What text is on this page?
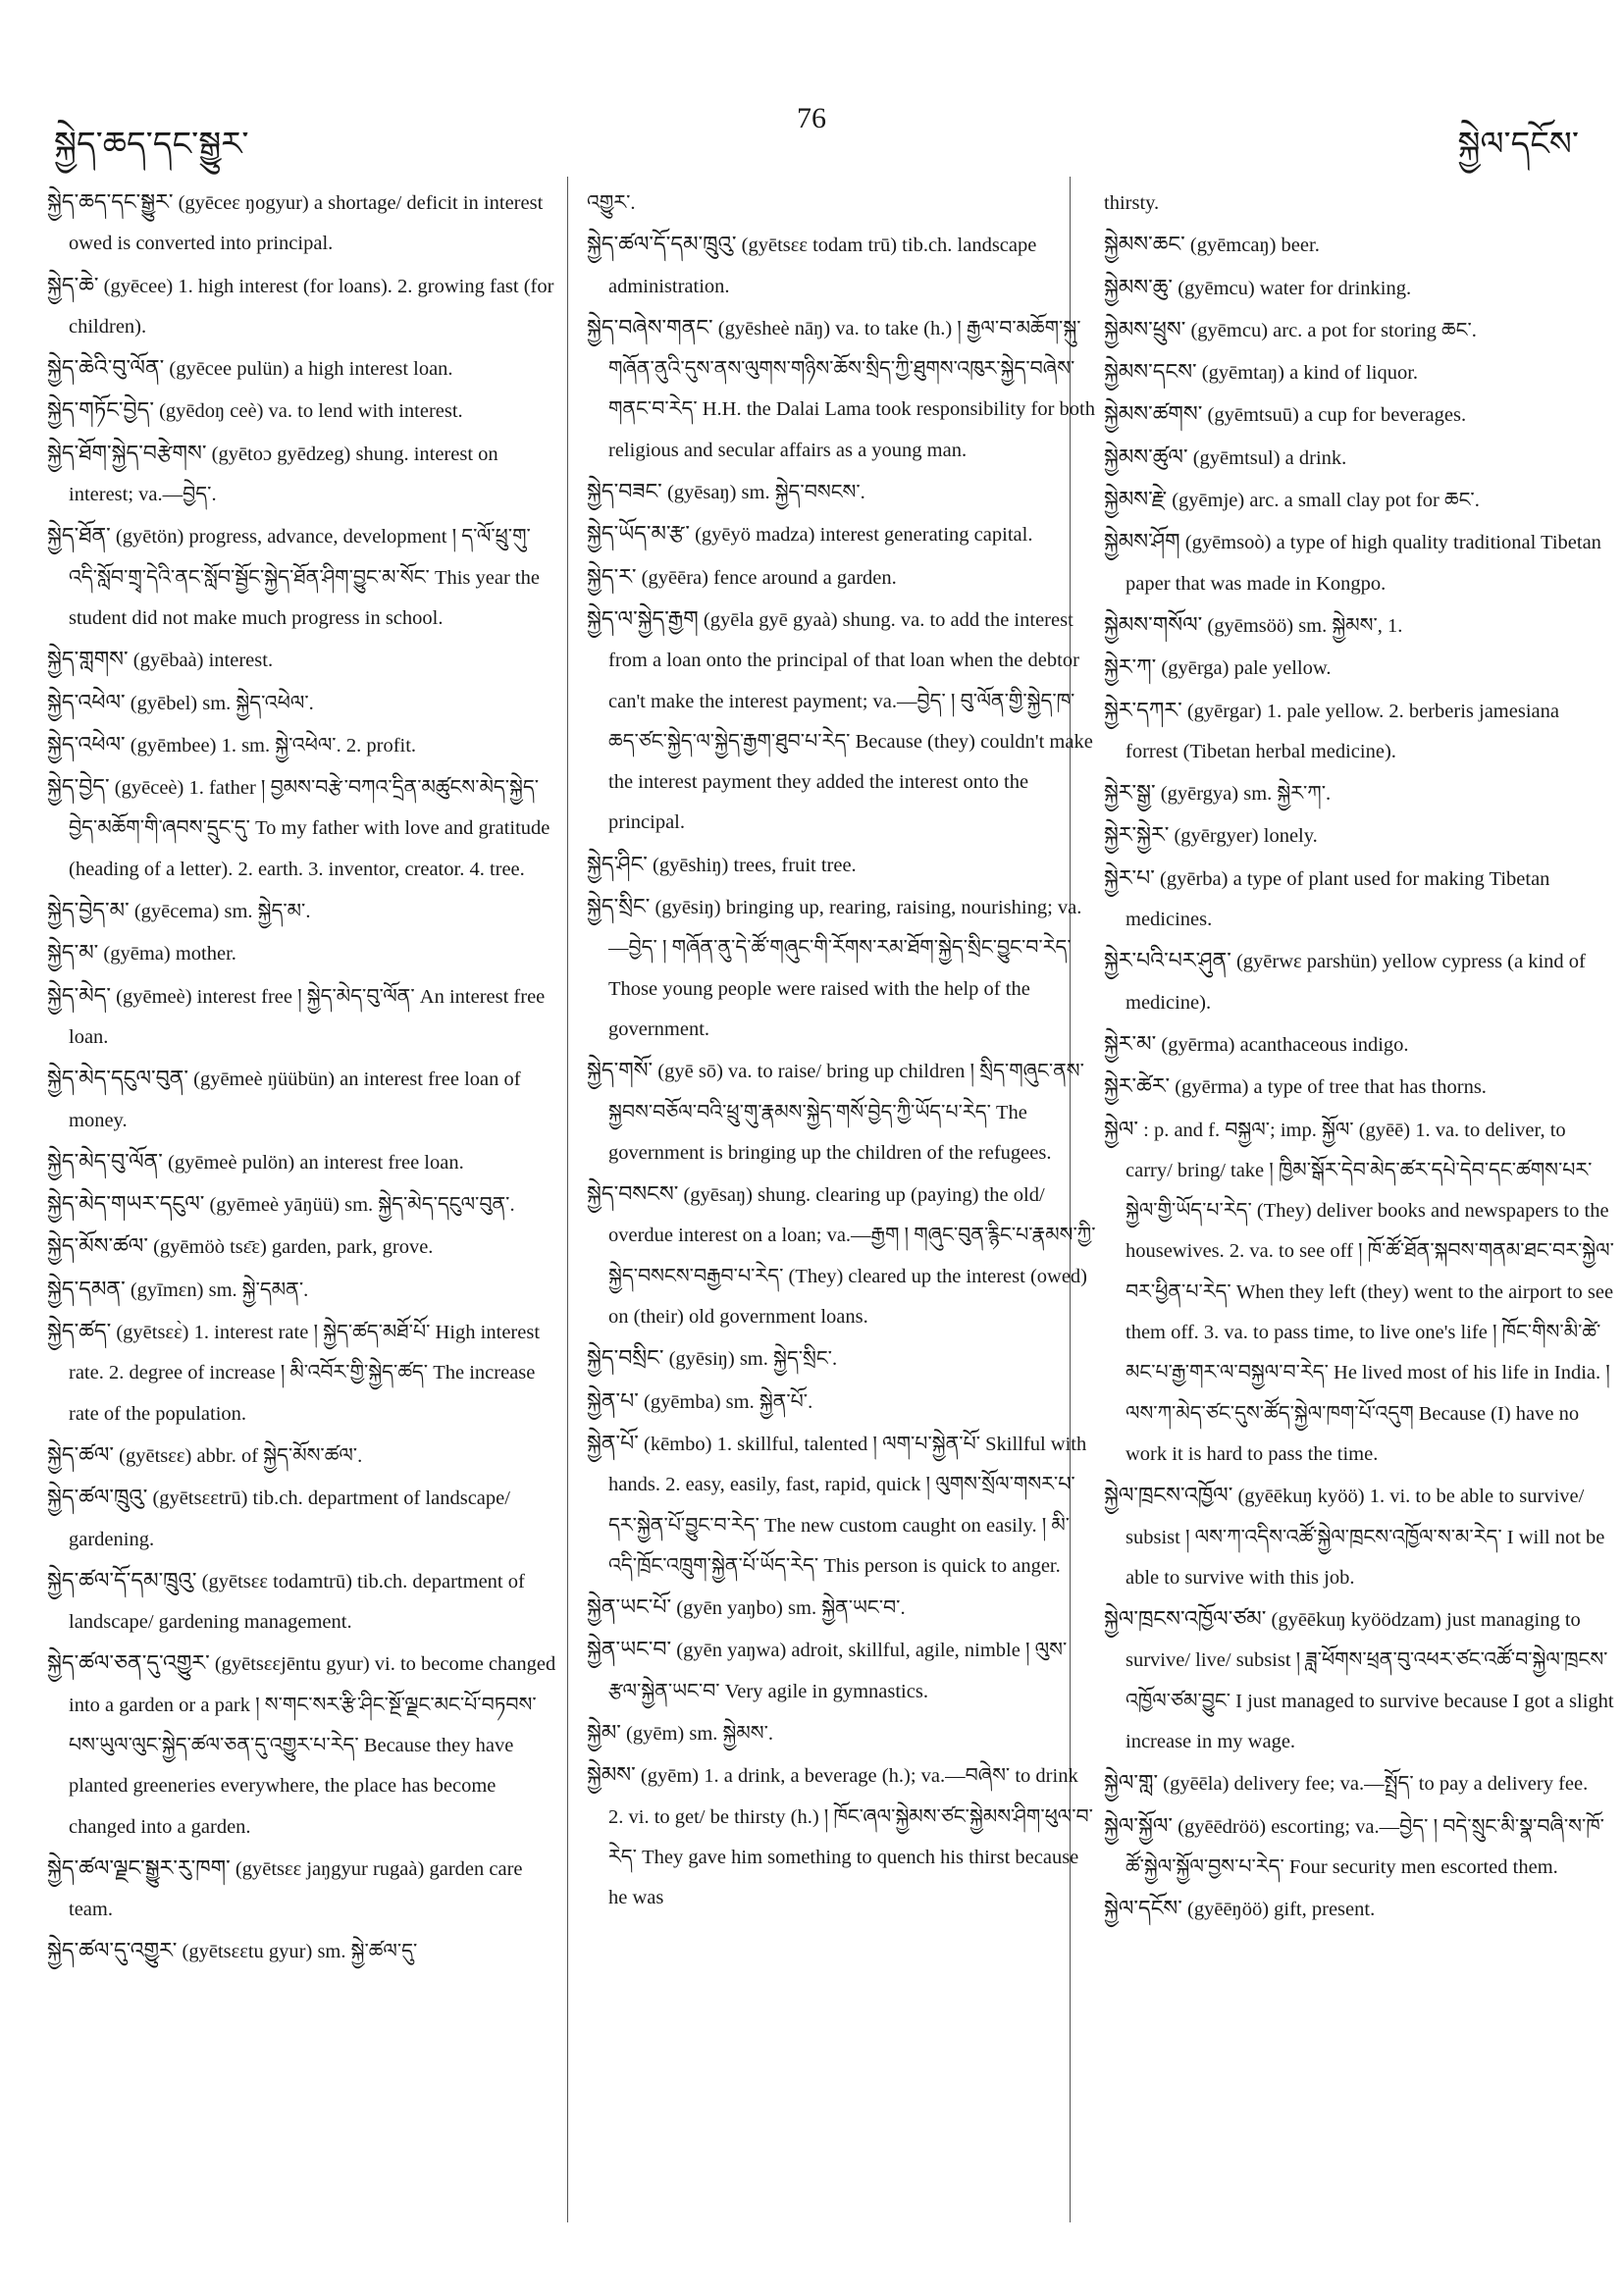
སྐྱེད་ཆད་དང་སྒྱུར་
76
སྐྱེལ་དངོས་

སྐྱེད་ཆད་དང་སྒྱུར་ (gyēceɛ ŋogyur) a shortage/ deficit in interest owed is converted into principal.

སྐྱེད་ཆེ་ (gyēcee) 1. high interest (for loans). 2. growing fast (for children).

སྐྱེད་ཆེའི་བུ་ལོན་ (gyēcee pulün) a high interest loan.

སྐྱེད་གཏོང་བྱེད་ (gyēdoŋ ceè) va. to lend with interest.

སྐྱེད་ཐོག་སྐྱེད་བརྩེགས་ (gyētoɔ gyēdzeg) shung. interest on interest; va.—བྱེད་.

སྐྱེད་ཐོན་ (gyētön) progress, advance, development ། ད་ལོ་ཕྲུ་གུ་འདི་སློབ་གྲྭ་དེའི་ནང་སློབ་སྦྱོང་སྐྱེད་ཐོན་ཤིག་བྱུང་མ་སོང་ This year the student did not make much progress in school.

སྐྱེད་གླགས་ (gyēbaà) interest.

སྐྱེད་འཕེལ་ (gyēbel) sm. སྐྱེད་འཕེལ་.

སྐྱེད་འཕེལ་ (gyēmbee) 1. sm. སྐྱེ་འཕེལ་. 2. profit.

སྐྱེད་བྱེད་ (gyēceè) 1. father ། བྱམས་བརྩེ་བཀའ་དྲིན་མཚུངས་མེད་སྐྱེད་བྱེད་མཆོག་གི་ཞབས་དྲུང་དུ་ To my father with love and gratitude (heading of a letter). 2. earth. 3. inventor, creator. 4. tree.

སྐྱེད་བྱེད་མ་ (gyēcema) sm. སྐྱེད་མ་.

སྐྱེད་མ་ (gyēma) mother.

སྐྱེད་མེད་ (gyēmeè) interest free ། སྐྱེད་མེད་བུ་ལོན་ An interest free loan.

སྐྱེད་མེད་དངུལ་བུན་ (gyēmeè ŋüübün) an interest free loan of money.

སྐྱེད་མེད་བུ་ལོན་ (gyēmeè pulön) an interest free loan.

སྐྱེད་མེད་གཡར་དངུལ་ (gyēmeè yāŋüü) sm. སྐྱེད་མེད་དངུལ་བུན་.

སྐྱེད་མོས་ཚལ་ (gyēmöò tsɛ̄ɛ) garden, park, grove.

སྐྱེད་དམན་ (gyīmɛn) sm. སྐྱེ་དམན་.

སྐྱེད་ཚད་ (gyētsɛɛ̀) 1. interest rate ། སྐྱེད་ཚད་མཐོ་པོ་ High interest rate. 2. degree of increase ། མི་འབོར་གྱི་སྐྱེད་ཚད་ The increase rate of the population.

སྐྱེད་ཚལ་ (gyētsɛɛ) abbr. of སྐྱེད་མོས་ཚལ་.

སྐྱེད་ཚལ་ཁྲུའུ་ (gyētsɛɛtrū) tib.ch. department of landscape/ gardening.

སྐྱེད་ཚལ་དོ་དམ་ཁྲུའུ་ (gyētsɛɛ todamtrū) tib.ch. department of landscape/ gardening management.

སྐྱེད་ཚལ་ཅན་དུ་འགྱུར་ (gyētsɛɛjēntu gyur) vi. to become changed into a garden or a park ། ས་གང་སར་རྩི་ཤིང་སྔོ་ལྗང་མང་པོ་བཏབས་པས་ཡུལ་ལུང་སྐྱེད་ཚལ་ཅན་དུ་འགྱུར་པ་རེད་ Because they have planted greeneries everywhere, the place has become changed into a garden.

སྐྱེད་ཚལ་ལྗང་སྒྱུར་རུ་ཁག་ (gyētsɛɛ jaŋgyur rugaà) garden care team.

སྐྱེད་ཚལ་དུ་འགྱུར་ (gyētsɛɛtu gyur) sm. སྐྱེ་ཚལ་དུ་

འགྱུར་.

སྐྱེད་ཚལ་དོ་དམ་ཁྲུའུ་ (gyētsɛɛ todam trū) tib.ch. landscape administration.

སྐྱེད་བཞེས་གནང་ (gyēsheè nāŋ) va. to take (h.) ། རྒྱལ་བ་མཆོག་སྐུ་གཞོན་ནུའི་དུས་ནས་ལུགས་གཉིས་ཆོས་སྲིད་ཀྱི་ཐུགས་འཁུར་སྐྱེད་བཞེས་གནང་བ་རེད་ H.H. the Dalai Lama took responsibility for both religious and secular affairs as a young man.

སྐྱེད་བཟང་ (gyēsaŋ) sm. སྐྱེད་བསངས་.

སྐྱེད་ཡོད་མ་རྩ་ (gyēyö madza) interest generating capital.

སྐྱེད་ར་ (gyēēra) fence around a garden.

སྐྱེད་ལ་སྐྱེད་རྒྱག (gyēla gyē gyaà) shung. va. to add the interest from a loan onto the principal of that loan when the debtor can't make the interest payment; va.—བྱེད་ ། བུ་ལོན་གྱི་སྐྱེད་ཁ་ཆད་ཙང་སྐྱེད་ལ་སྐྱེད་རྒྱག་ཐུབ་པ་རེད་ Because (they) couldn't make the interest payment they added the interest onto the principal.

སྐྱེད་ཤིང་ (gyēshiŋ) trees, fruit tree.

སྐྱེད་སྲིང་ (gyēsiŋ) bringing up, rearing, raising, nourishing; va.—བྱེད་ ། གཞོན་ནུ་དེ་ཚོ་གཞུང་གི་རོགས་རམ་ཐོག་སྐྱེད་སྲིང་བྱུང་བ་རེད་ Those young people were raised with the help of the government.

སྐྱེད་གསོ་ (gyē sō) va. to raise/ bring up children ། སྲིད་གཞུང་ནས་སྐྱབས་བཅོལ་བའི་ཕྲུ་གུ་རྣམས་སྐྱེད་གསོ་བྱེད་ཀྱི་ཡོད་པ་རེད་ The government is bringing up the children of the refugees.

སྐྱེད་བསངས་ (gyēsaŋ) shung. clearing up (paying) the old/ overdue interest on a loan; va.—རྒྱག ། གཞུང་བུན་རྙིང་པ་རྣམས་ཀྱི་སྐྱེད་བསངས་བརྒྱབ་པ་རེད་ (They) cleared up the interest (owed) on (their) old government loans.

སྐྱེད་བསྲིང་ (gyēsiŋ) sm. སྐྱེད་སྲིང་.

སྐྱེན་པ་ (gyēmba) sm. སྐྱེན་པོ་.

སྐྱེན་པོ་ (kēmbo) 1. skillful, talented ། ལག་པ་སྐྱེན་པོ་ Skillful with hands. 2. easy, easily, fast, rapid, quick ། ལུགས་སྲོལ་གསར་པ་དར་སྐྱེན་པོ་བྱུང་བ་རེད་ The new custom caught on easily. ། མི་འདི་ཁྲོང་འཁྲུག་སྐྱེན་པོ་ཡོད་རེད་ This person is quick to anger.

སྐྱེན་ཡང་པོ་ (gyēn yaŋbo) sm. སྐྱེན་ཡང་བ་.

སྐྱེན་ཡང་བ་ (gyēn yaŋwa) adroit, skillful, agile, nimble ། ལུས་རྩལ་སྐྱེན་ཡང་བ་ Very agile in gymnastics.

སྐྱེམ་ (gyēm) sm. སྐྱེམས་.

སྐྱེམས་ (gyēm) 1. a drink, a beverage (h.); va.—བཞེས་ to drink 2. vi. to get/ be thirsty (h.) ། ཁོང་ཞལ་སྐྱེམས་ཙང་སྐྱེམས་ཤིག་ཕུལ་བ་རེད་ They gave him something to quench his thirst because he was

thirsty.

སྐྱེམས་ཆང་ (gyēmcaŋ) beer.

སྐྱེམས་ཆུ་ (gyēmcu) water for drinking.

སྐྱེམས་ཕྲུས་ (gyēmcu) arc. a pot for storing ཆང་.

སྐྱེམས་དངས་ (gyēmtaŋ) a kind of liquor.

སྐྱེམས་ཚགས་ (gyēmtsuū) a cup for beverages.

སྐྱེམས་ཚུལ་ (gyēmtsul) a drink.

སྐྱེམས་རྗེ་ (gyēmje) arc. a small clay pot for ཆང་.

སྐྱེམས་ཤོག (gyēmsoò) a type of high quality traditional Tibetan paper that was made in Kongpo.

སྐྱེམས་གསོལ་ (gyēmsöö) sm. སྐྱེམས་, 1.

སྐྱེར་ཀ་ (gyērga) pale yellow.

སྐྱེར་དཀར་ (gyērgar) 1. pale yellow. 2. berberis jamesiana forrest (Tibetan herbal medicine).

སྐྱེར་སྒྱ་ (gyērgya) sm. སྐྱེར་ཀ་.

སྐྱེར་སྐྱེར་ (gyērgyer) lonely.

སྐྱེར་པ་ (gyērba) a type of plant used for making Tibetan medicines.

སྐྱེར་པའི་པར་ཤུན་ (gyērwɛ parshün) yellow cypress (a kind of medicine).

སྐྱེར་མ་ (gyērma) acanthaceous indigo.

སྐྱེར་ཚེར་ (gyērma) a type of tree that has thorns.

སྐྱེལ་ : p. and f. བསྐྱལ་; imp. སྐྱོལ་ (gyēē) 1. va. to deliver, to carry/ bring/ take ། ཁྱིམ་སྒོར་དེབ་མེད་ཚར་དཔེ་དེབ་དང་ཚགས་པར་སྐྱེལ་གྱི་ཡོད་པ་རེད་ (They) deliver books and newspapers to the housewives. 2. va. to see off ། ཁོ་ཚོ་ཐོན་སྐབས་གནམ་ཐང་བར་སྐྱེལ་བར་ཕྱིན་པ་རེད་ When they left (they) went to the airport to see them off. 3. va. to pass time, to live one's life ། ཁོང་གིས་མི་ཚེ་མང་པ་རྒྱ་གར་ལ་བསྐྱལ་བ་རེད་ He lived most of his life in India. ། ལས་ཀ་མེད་ཙང་དུས་ཚོད་སྐྱེལ་ཁག་པོ་འདུག Because (I) have no work it is hard to pass the time.

སྐྱེལ་ཁྲངས་འཁྱོལ་ (gyēēkuŋ kyöö) 1. vi. to be able to survive/ subsist ། ལས་ཀ་འདིས་འཚོ་སྐྱེལ་ཁྲངས་འཁྱོལ་ས་མ་རེད་ I will not be able to survive with this job.

སྐྱེལ་ཁྲངས་འཁྱོལ་ཙམ་ (gyēēkuŋ kyöödzam) just managing to survive/ live/ subsist ། ཟླ་ཕོགས་ཕྲན་བུ་འཕར་ཙང་འཚོ་བ་སྐྱེལ་ཁྲངས་འཁྱོལ་ཙམ་བྱུང་ I just managed to survive because I got a slight increase in my wage.

སྐྱེལ་གླ་ (gyēēla) delivery fee; va.—སྤྲོད་ to pay a delivery fee.

སྐྱེལ་སྐྱོལ་ (gyēēdröö) escorting; va.—བྱེད་ ། བདེ་སྲུང་མི་སྣ་བཞི་ས་ཁོ་ཚོ་སྐྱེལ་སྐྱོལ་བྱས་པ་རེད་ Four security men escorted them.

སྐྱེལ་དངོས་ (gyēēŋöö) gift, present.
